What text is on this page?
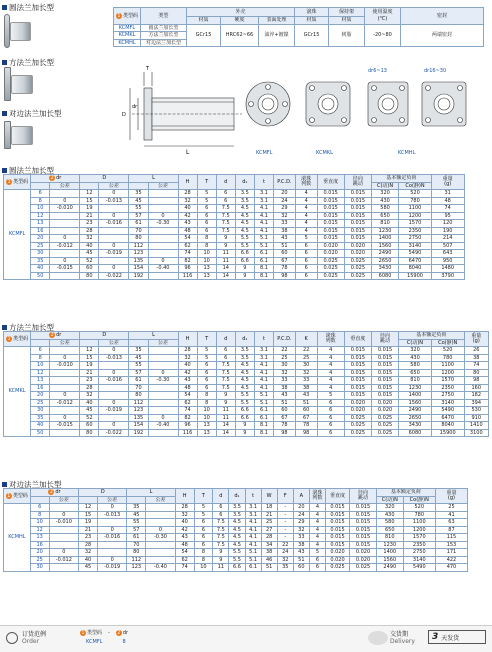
圆法兰加长型
方法兰加长型
对边法兰加长型
1 类型码	类型	外壳			滚珠	保持架	使用温度
(℃)	密封
		材质	硬度	表面处理	材质	材质		
KCMFL	圆法兰加长型	GCr15	HRC62~66	油淬+镀镍	GCr15	树脂	-20~80	两端密封
KCMKL	方法兰加长型							
KCMHL	对边法兰加长型							
L
D
dr
T
KCMFL	KCMKL
dr6~13	dr16~30
KCMHL
圆法兰加长型
方法兰加长型
对边法兰加长型
1 类型码	2 dr		D		L		H	T	d	d₁	t	P.C.D.	滚珠
列数	垂直度	径向
跳动	基本额定负荷		重量
(g)
		公差		公差		公差										C(动)N	Co(静)N	
KCMFL	6		12	0	35		28	5	6	3.5	3.1	20	4	0.015	0.015	320	520	31
	8	0	15	-0.013	45		32	5	6	3.5	3.1	24	4	0.015	0.015	430	780	48
	10	-0.010	19		55		40	6	7.5	4.5	4.1	29	4	0.015	0.015	580	1100	74
	12		21	0	57	0	42	6	7.5	4.5	4.1	32	4	0.015	0.015	650	1200	95
	13		23	-0.016	61	-0.30	43	6	7.5	4.5	4.1	33	4	0.015	0.015	810	1570	120
	16		28		70		48	6	7.5	4.5	4.1	38	4	0.015	0.015	1230	2350	190
	20	0	32		80		54	8	9	5.5	5.1	43	5	0.015	0.015	1400	2750	214
	25	-0.012	40	0	112		62	8	9	5.5	5.1	51	6	0.020	0.020	1560	3140	507
	30		45	-0.019	123		74	10	11	6.6	6.1	60	6	0.020	0.020	2490	5490	643
	35	0	52		135	0	82	10	11	6.6	6.1	67	6	0.025	0.025	2650	6470	950
	40	-0.015	60	0	154	-0.40	96	13	14	9	8.1	78	6	0.025	0.025	3430	8040	1480
	50		80	-0.022	192		116	13	14	9	8.1	98	6	0.025	0.025	6080	15900	3790
1 类型码	2 dr		D		L		H	T	d	d₁	t	P.C.D.	K	滚珠
列数	垂直度	径向
跳动	基本额定负荷		重量
(g)
		公差		公差		公差											C(动)N	Co(静)N	
KCMKL	6		12	0	35		28	5	6	3.5	3.1	22	22	4	0.015	0.015	320	520	26
	8	0	15	-0.013	45		32	5	6	3.5	3.1	25	25	4	0.015	0.015	430	780	38
	10	-0.010	19		55		40	6	7.5	4.5	4.1	30	30	4	0.015	0.015	580	1100	74
	12		21	0	57	0	42	6	7.5	4.5	4.1	32	32	4	0.015	0.015	650	1200	80
	13		23	-0.016	61	-0.30	43	6	7.5	4.5	4.1	33	33	4	0.015	0.015	810	1570	98
	16		28		70		48	6	7.5	4.5	4.1	38	38	4	0.015	0.015	1230	2350	160
	20	0	32		80		54	8	9	5.5	5.1	43	43	5	0.015	0.015	1400	2750	182
	25	-0.012	40	0	112		62	8	9	5.5	5.1	51	51	6	0.020	0.020	1560	3140	394
	30		45	-0.019	123		74	10	11	6.6	6.1	60	60	6	0.020	0.020	2490	5490	530
	35	0	52		135	0	82	10	11	6.6	6.1	67	67	6	0.025	0.025	2650	6470	910
	40	-0.015	60	0	154	-0.40	96	13	14	9	8.1	78	78	6	0.025	0.025	3430	8040	1410
	50		80	-0.022	192		116	13	14	9	8.1	98	98	6	0.025	0.025	6080	15900	3100
1 类型码	2 dr		D		L		H	T	d	d₁	t	W	F	A	滚珠
列数	垂直度	径向
跳动	基本额定负荷		重量
(g)
		公差		公差		公差												C(动)N	Co(静)N	
KCMHL	6		12	0	35		28	5	6	3.5	3.1	18	-	20	4	0.015	0.015	320	520	25
	8	0	15	-0.013	45		32	5	6	3.5	3.1	21	-	24	4	0.015	0.015	430	780	41
	10	-0.010	19		55		40	6	7.5	4.5	4.1	25	-	29	4	0.015	0.015	580	1100	63
	12		21	0	57	0	42	6	7.5	4.5	4.1	27	-	32	4	0.015	0.015	650	1200	87
	13		23	-0.016	61	-0.30	43	6	7.5	4.5	4.1	28	-	33	4	0.015	0.015	810	1570	115
	16		28		70		48	6	7.5	4.5	4.1	34	22	38	4	0.015	0.015	1230	2350	153
	20	0	32		80		54	8	9	5.5	5.1	38	24	43	5	0.020	0.020	1400	2750	171
	25	-0.012	40	0	112		62	8	9	5.5	5.1	46	32	51	6	0.020	0.020	1560	3140	422
	30		45	-0.019	123	-0.40	74	10	11	6.6	6.1	51	35	60	6	0.025	0.025	2490	5490	470
订货范例
Order
1 类型码 - 2 dr
KCMFL	8
交货期
Delivery 3 天发货
